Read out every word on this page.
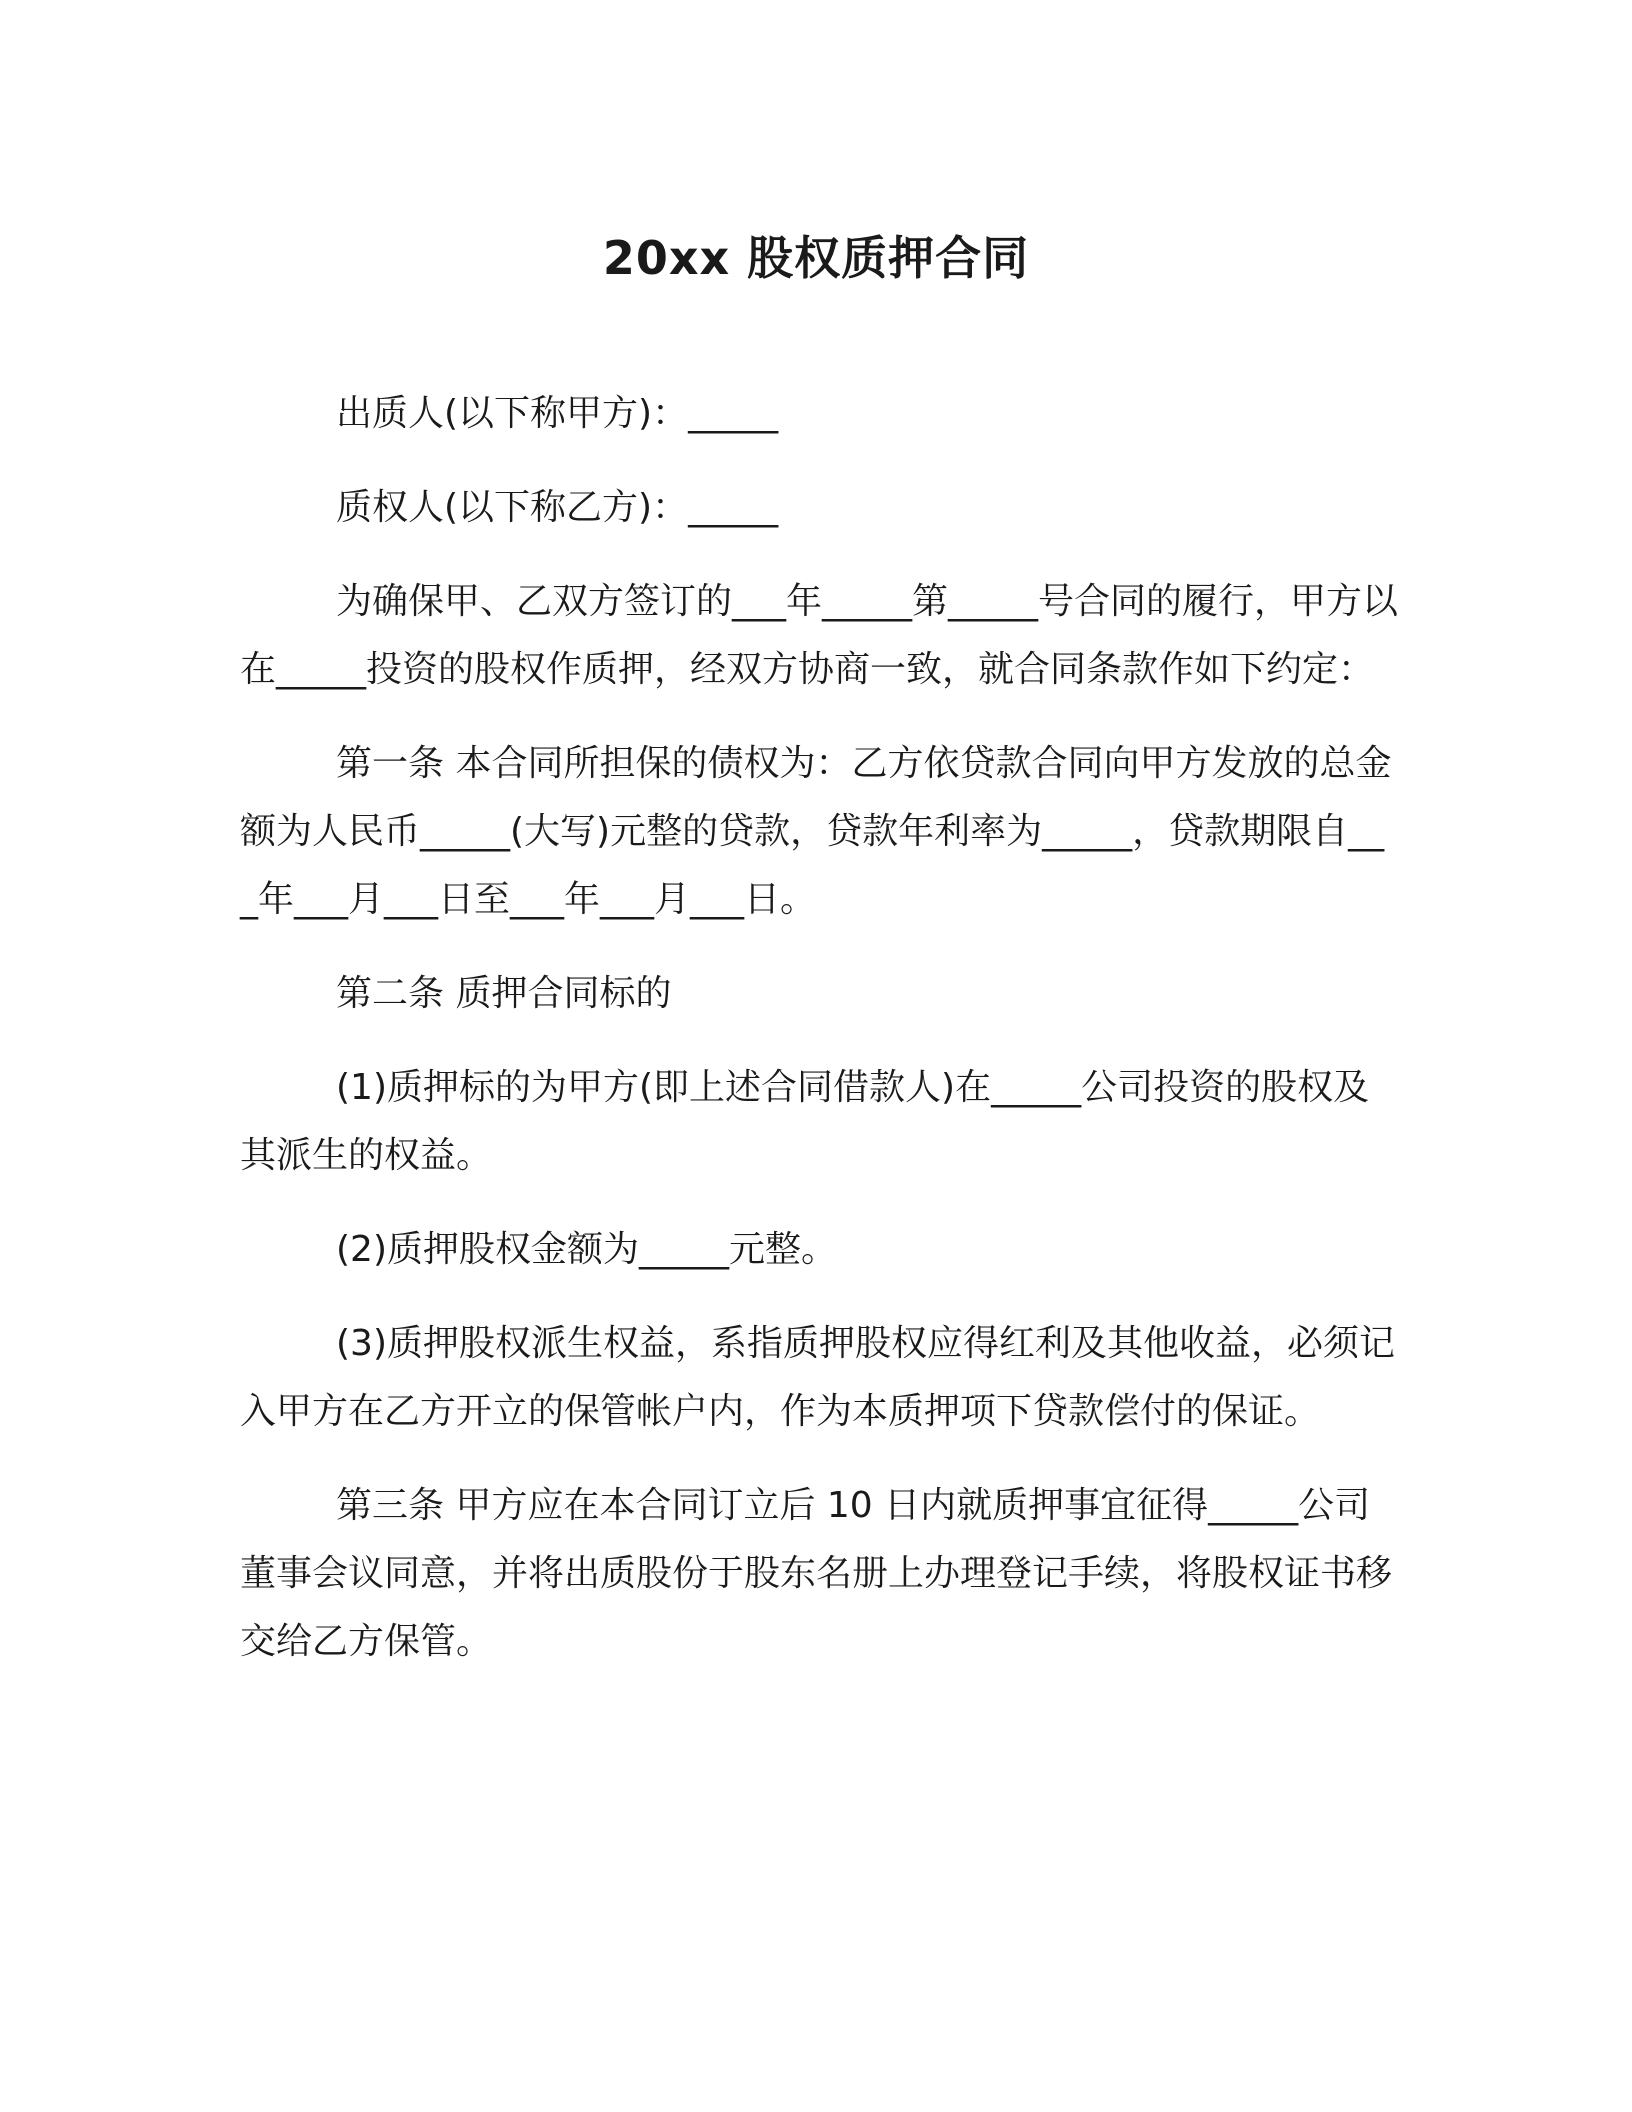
20xx 股权质押合同

出质人(以下称甲方)：_____

质权人(以下称乙方)：_____

为确保甲、乙双方签订的___年_____第_____号合同的履行，甲方以在_____投资的股权作质押，经双方协商一致，就合同条款作如下约定：

第一条 本合同所担保的债权为：乙方依贷款合同向甲方发放的总金额为人民币_____(大写)元整的贷款，贷款年利率为_____，贷款期限自___年___月___日至___年___月___日。

第二条 质押合同标的

(1)质押标的为甲方(即上述合同借款人)在_____公司投资的股权及其派生的权益。

(2)质押股权金额为_____元整。

(3)质押股权派生权益，系指质押股权应得红利及其他收益，必须记入甲方在乙方开立的保管帐户内，作为本质押项下贷款偿付的保证。

第三条 甲方应在本合同订立后 10 日内就质押事宜征得_____公司董事会议同意，并将出质股份于股东名册上办理登记手续，将股权证书移交给乙方保管。
